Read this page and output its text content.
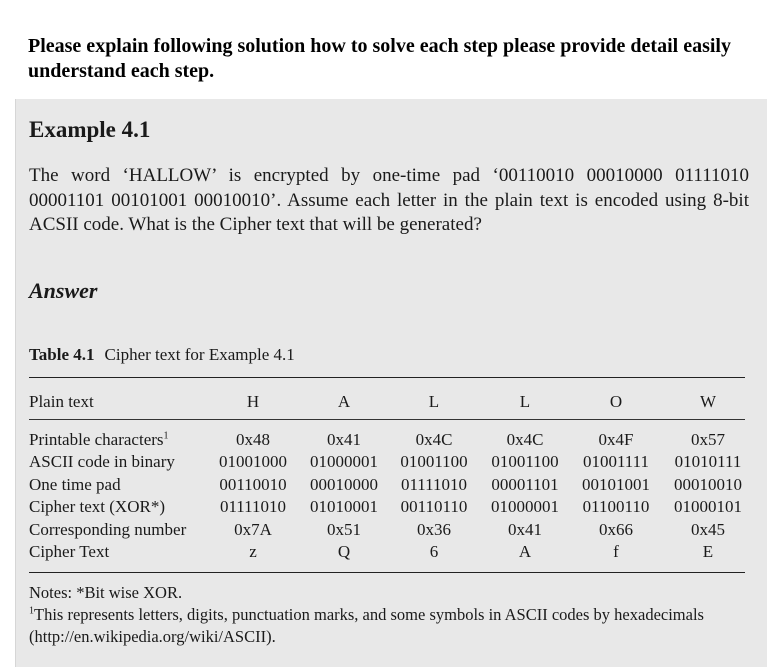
Please explain following solution how to solve each step please provide detail easily understand each step.
Example 4.1
The word ‘HALLOW’ is encrypted by one-time pad ‘00110010 00010000 01111010 00001101 00101001 00010010’. Assume each letter in the plain text is encoded using 8-bit ACSII code. What is the Cipher text that will be generated?
Answer
Table 4.1 Cipher text for Example 4.1
Plain text	H	A	L	L	O	W
Printable characters$^1$	0x48	0x41	0x4C	0x4C	0x4F	0x57
ASCII code in binary	01001000	01000001	01001100	01001100	01001111	01010111
One time pad	00110010	00010000	01111010	00001101	00101001	00010010
Cipher text (XOR*)	01111010	01010001	00110110	01000001	01100110	01000101
Corresponding number	0x7A	0x51	0x36	0x41	0x66	0x45
Cipher Text	z	Q	6	A	f	E
Notes: *Bit wise XOR.
$^1$This represents letters, digits, punctuation marks, and some symbols in ASCII codes by hexadecimals (http://en.wikipedia.org/wiki/ASCII).
